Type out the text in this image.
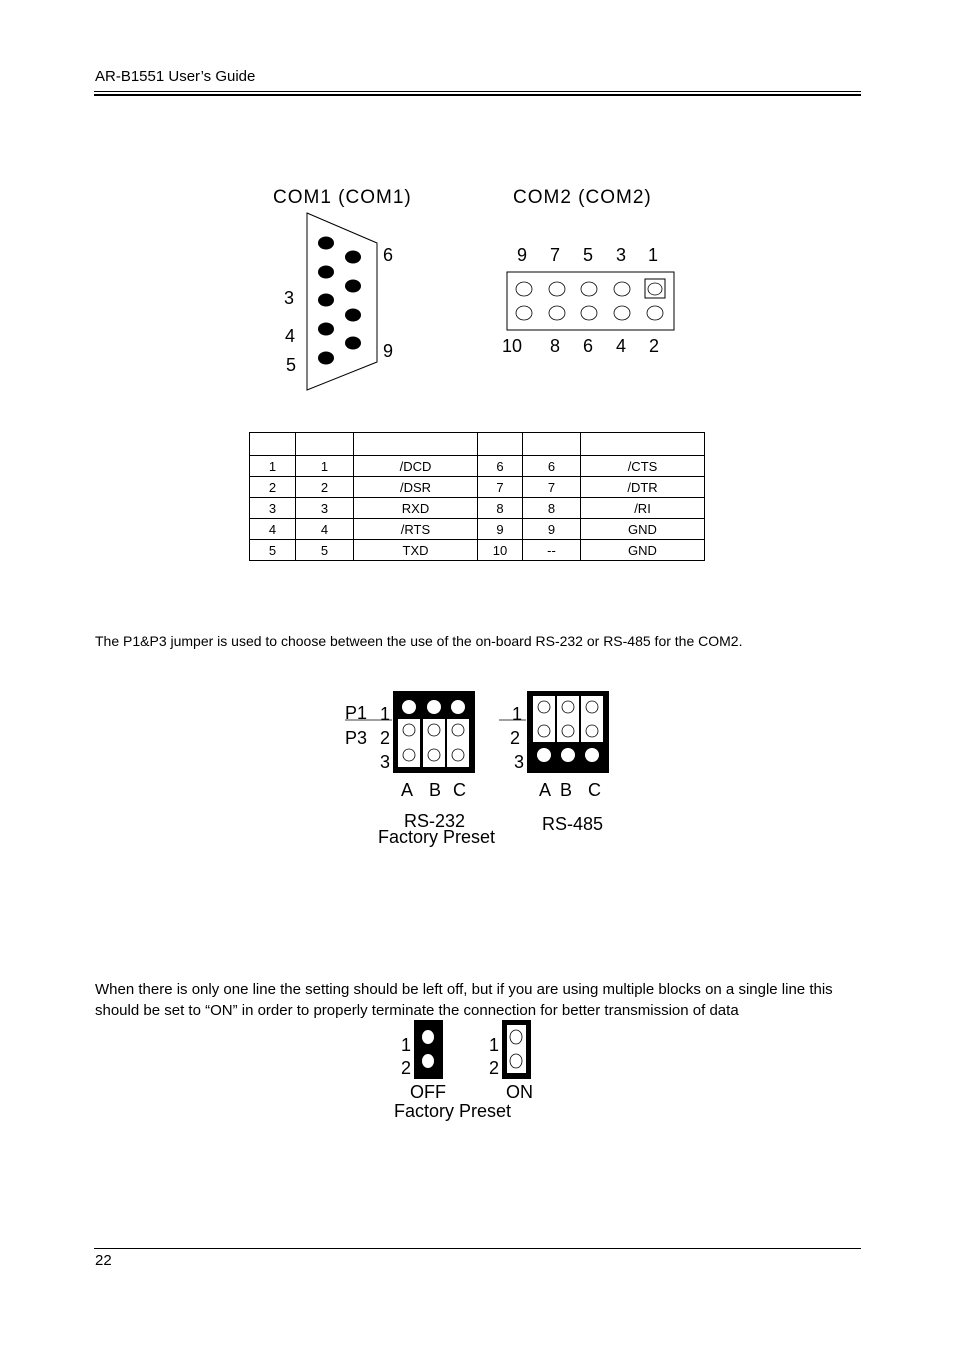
AR-B1551 User’s Guide
COM1 (COM1)
6
3
4
5
9
COM2 (COM2)
9 7 5 3 1
10 8 6 4 2
P1 1
P3 2
3
A B C
RS-232
Factory Preset
1
2
3
A B C
RS-485
1
2
1
2
OFF	ON
Factory Preset

1	1	/DCD	6	6	/CTS
2	2	/DSR	7	7	/DTR
3	3	RXD	8	8	/RI
4	4	/RTS	9	9	GND
5	5	TXD	10	--	GND
The P1&P3 jumper is used to choose between the use of the on-board RS-232 or RS-485 for the COM2.
When there is only one line the setting should be left off, but if you are using multiple blocks on a single line this should be set to “ON” in order to properly terminate the connection for better transmission of data
22
